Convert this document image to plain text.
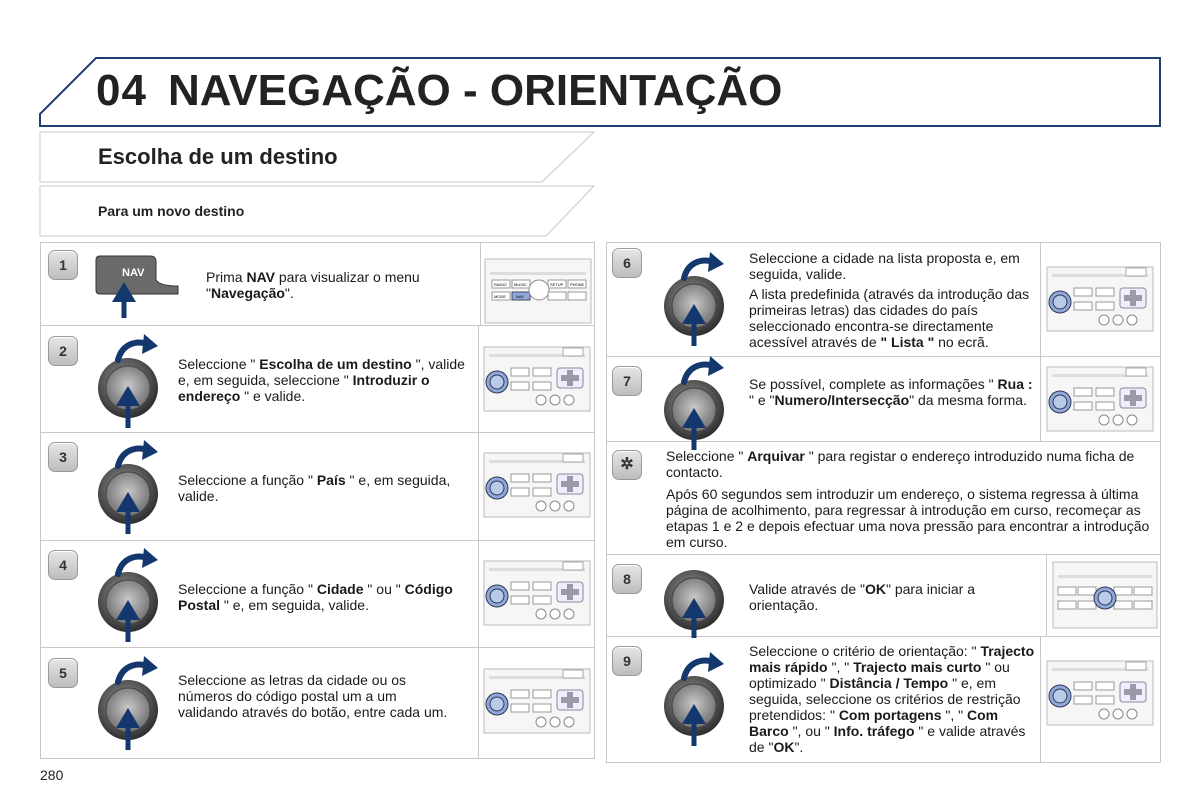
04 NAVEGAÇÃO - ORIENTAÇÃO
Escolha de um destino
Para um novo destino
1	NAV	Prima NAV para visualizar o menu "Navegação".
RADIO MUSIC	SETUP PHONE
MODE	NAV
2
Seleccione " Escolha de um destino ", valide e, em seguida, seleccione " Introduzir o endereço " e valide.
3
Seleccione a função " País " e, em seguida, valide.
4
Seleccione a função " Cidade " ou " Código Postal " e, em seguida, valide.
5	Seleccione as letras da cidade ou os números do código postal um a um validando através do botão, entre cada um.
6	Seleccione a cidade na lista proposta e, em seguida, valide.

A lista predefinida (através da introdução das primeiras letras) das cidades do país seleccionado encontra-se directamente acessível através de " Lista " no ecrã.

7	Se possível, complete as informações " Rua : " e "Numero/Intersecção" da mesma forma.
✲	Seleccione " Arquivar " para registar o endereço introduzido numa ficha de contacto.

Após 60 segundos sem introduzir um endereço, o sistema regressa à última página de acolhimento, para regressar à introdução em curso, recomeçar as etapas 1 e 2 e depois efectuar uma nova pressão para encontrar a introdução em curso.

8
Valide através de "OK" para iniciar a orientação.
9
Seleccione o critério de orientação: " Trajecto mais rápido ", " Trajecto mais curto " ou optimizado " Distância / Tempo " e, em seguida, seleccione os critérios de restrição pretendidos: " Com portagens ", " Com Barco ", ou " Info. tráfego " e valide através de "OK".
280
